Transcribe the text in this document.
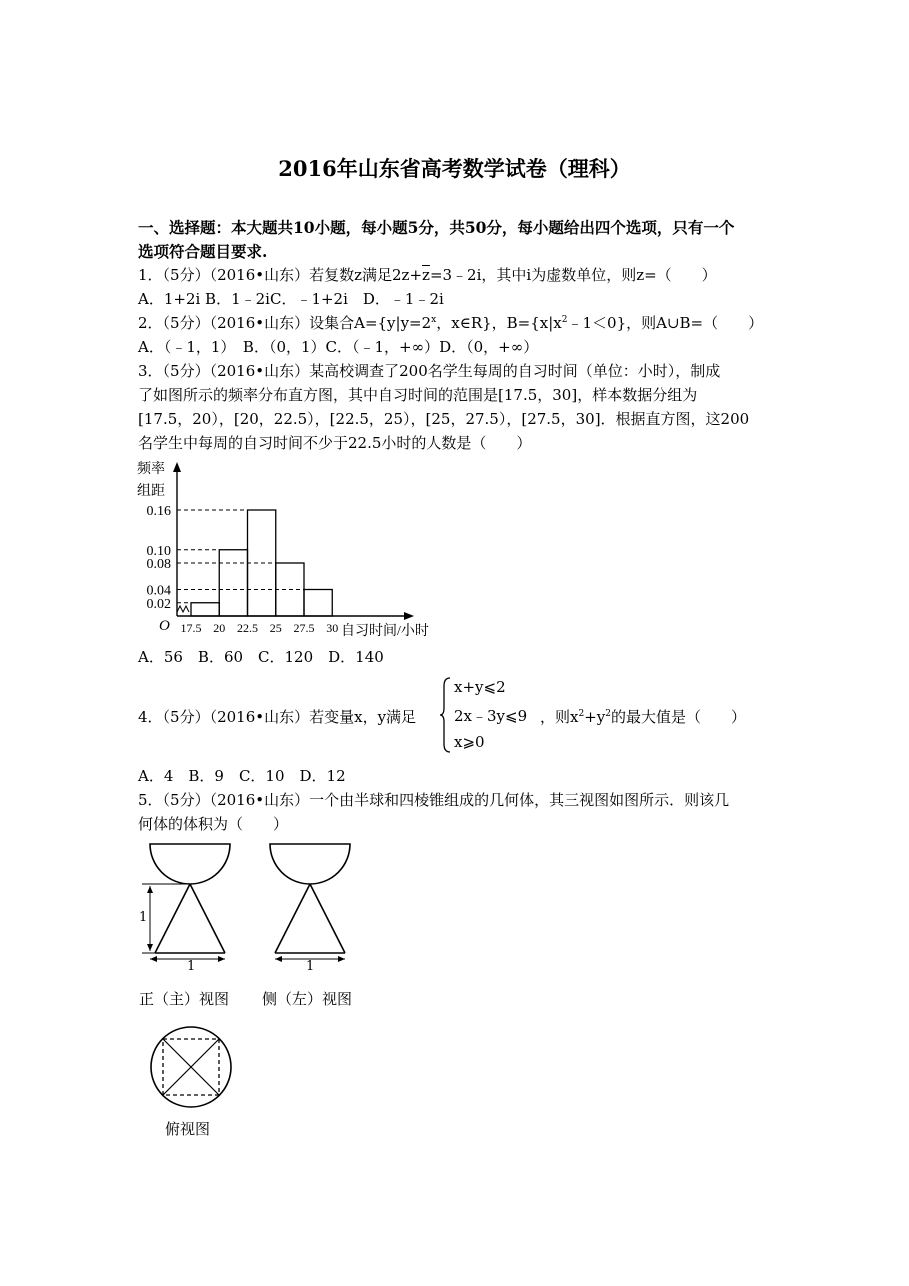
2016年山东省高考数学试卷（理科）
一、选择题：本大题共10小题，每小题5分，共50分，每小题给出四个选项，只有一个
选项符合题目要求.
1．（5分）（2016•山东）若复数z满足$2z+\overline{z}=3﹣2i$，其中i为虚数单位，则z=（　　）
A．1+2i B．1﹣2iC．﹣1+2i　D．﹣1﹣2i
2．（5分）（2016•山东）设集合$A=\{y|y=2^x$，x∈R}，$B=\{x|x^2﹣1<0\}$，则A∪B=（　　）
A．（﹣1，1）　B．（0，1）C．（﹣1，+∞）D．（0，+∞）
3．（5分）（2016•山东）某高校调查了200名学生每周的自习时间（单位：小时），制成
了如图所示的频率分布直方图，其中自习时间的范围是[17.5，30]，样本数据分组为
[17.5，20），[20，22.5），[22.5，25），[25，27.5），[27.5，30]．根据直方图，这200
名学生中每周的自习时间不少于22.5小时的人数是（　　）
频率
组距
0.16
0.10
0.08
0.04
0.02
17.5 20 22.5 25 27.5 30
O	自习时间/小时
A．56　B．60　C．120　D．140
4．（5分）（2016•山东）若变量x，y满足
x+y⩽2
2x﹣3y⩽9
x⩾0
，则$x^2+y^2$的最大值是（　　）
A．4　B．9　C．10　D．12
5．（5分）（2016•山东）一个由半球和四棱锥组成的几何体，其三视图如图所示．则该几
何体的体积为（　　）
1
1	1
正（主）视图 侧（左）视图
俯视图
